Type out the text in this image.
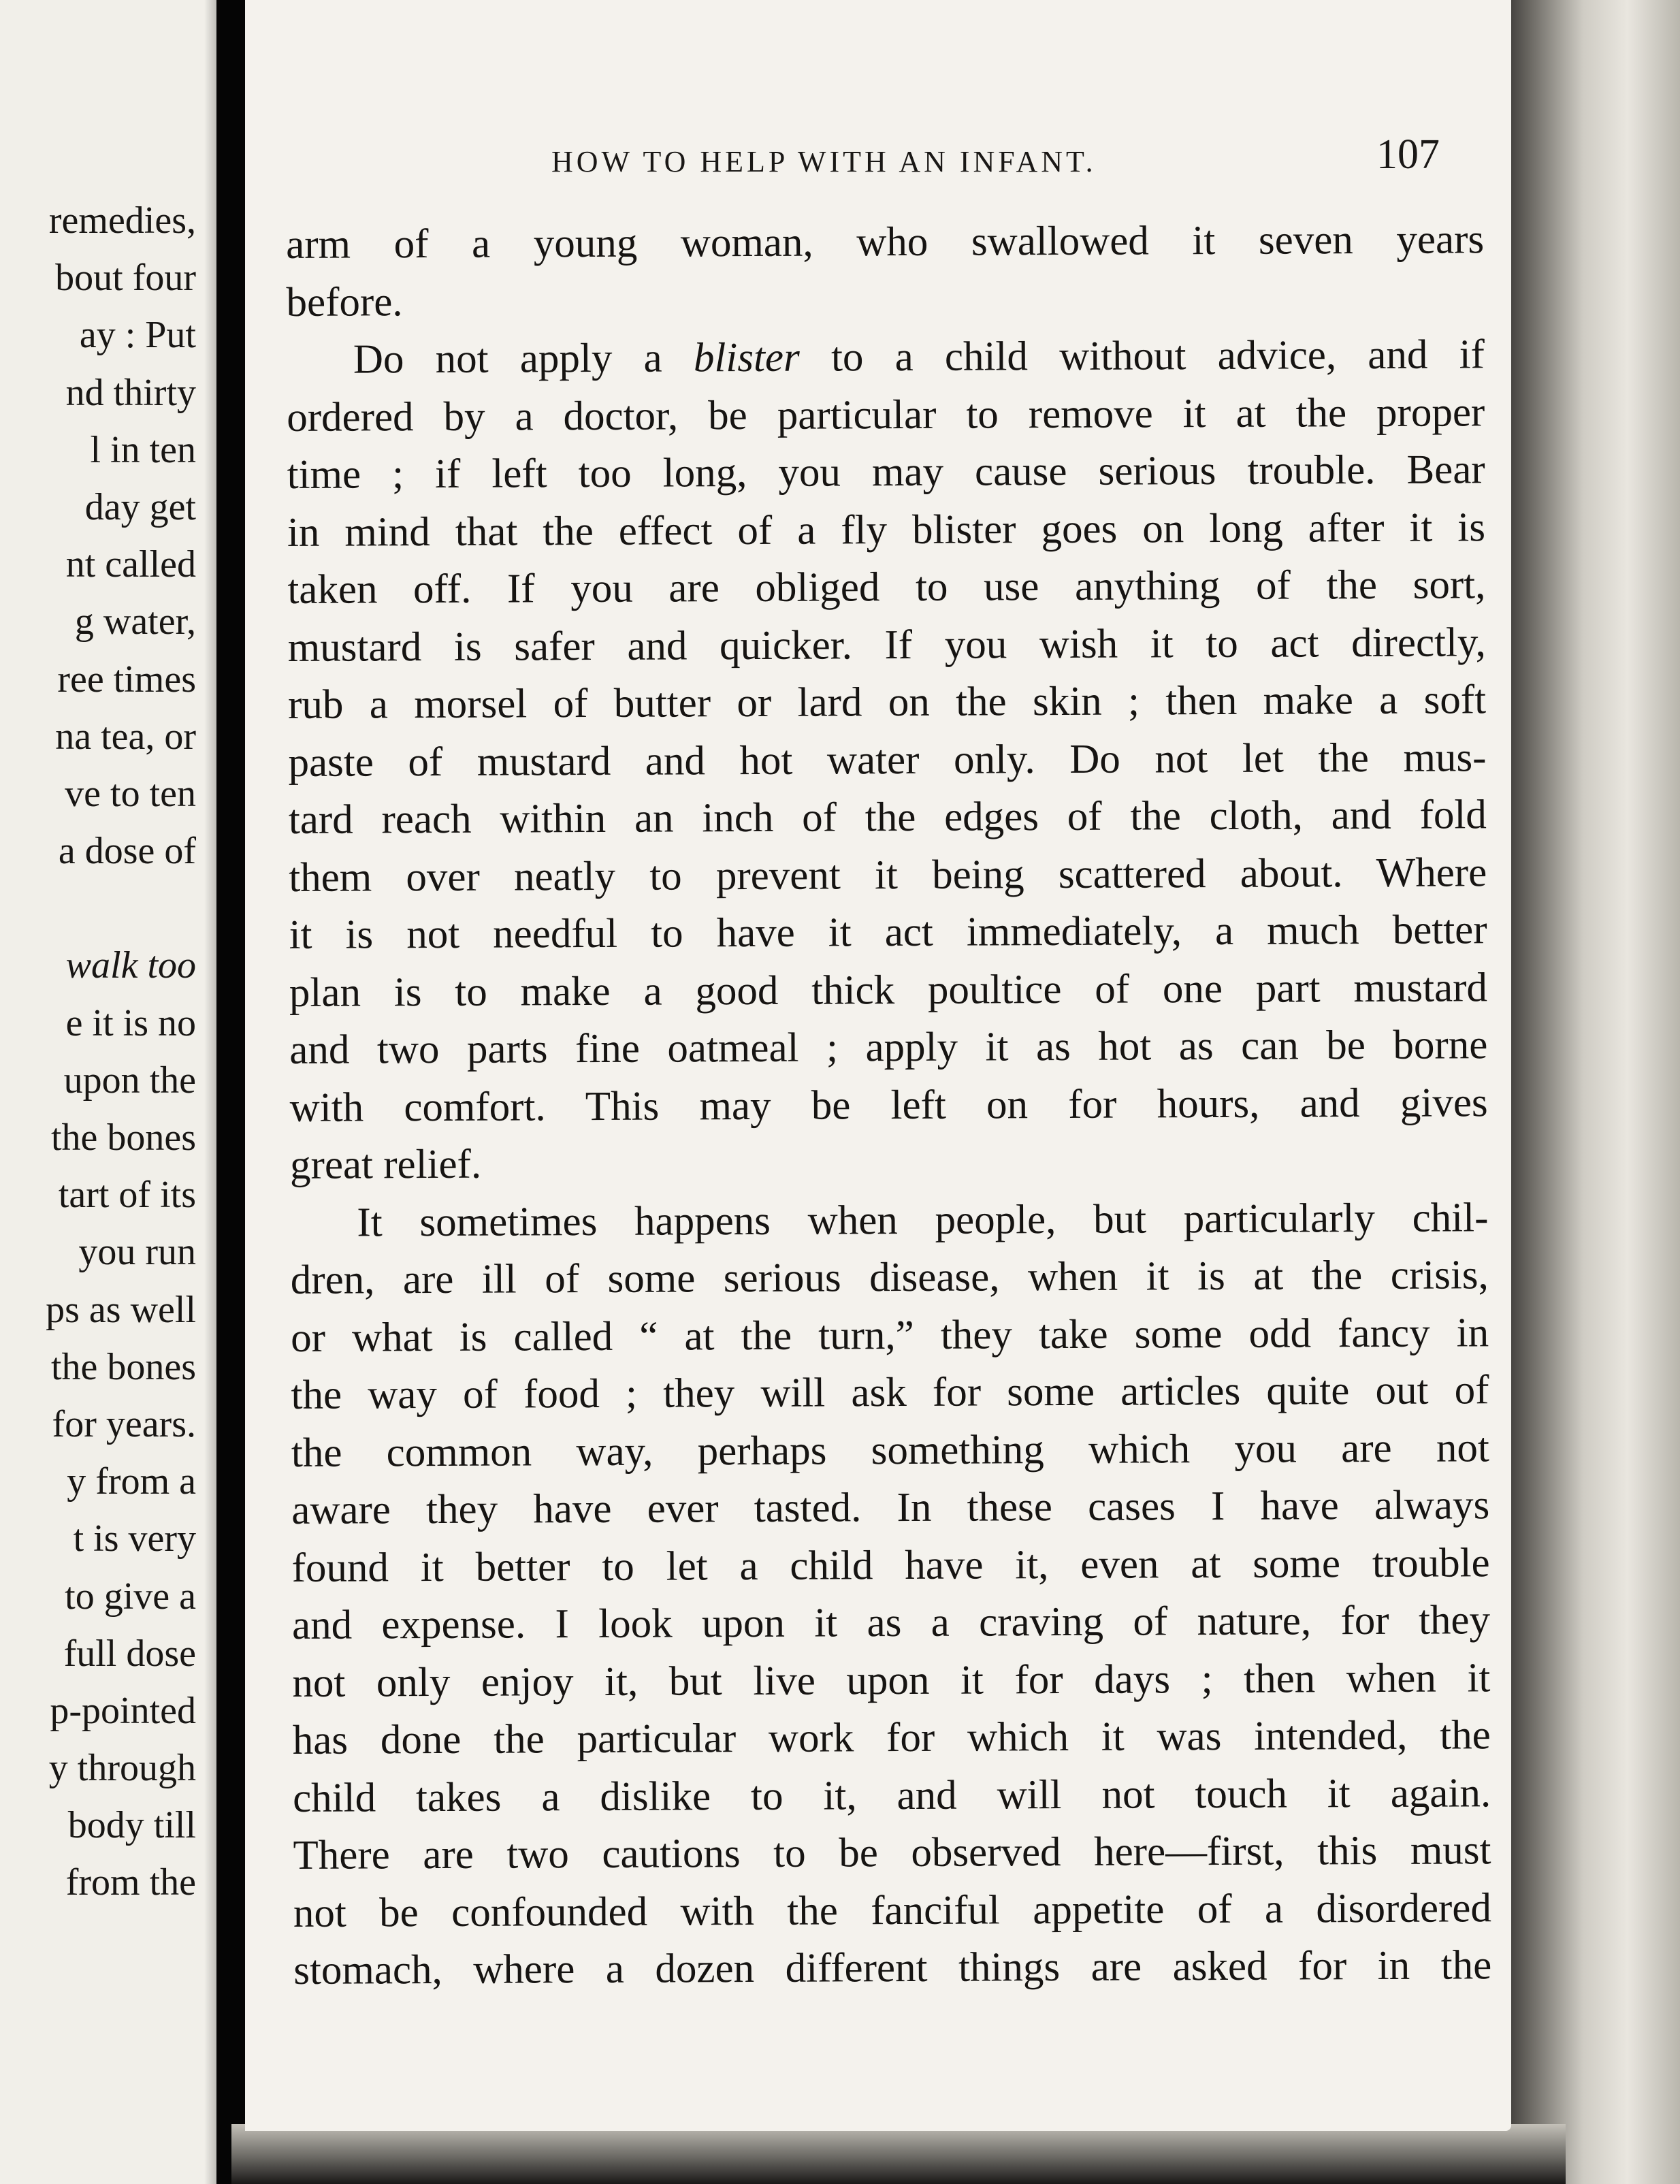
remedies,
bout four
ay : Put
nd thirty
l in ten
day get
nt called
g water,
ree times
na tea, or
ve to ten
a dose of
walk too
e it is no
upon the
the bones
tart of its
you run
ps as well
the bones
for years.
y from a
t is very
to give a
full dose
p-pointed
y through
body till
from the
HOW TO HELP WITH AN INFANT.	107
arm of a young woman, who swallowed it seven years
before.
Do not apply a blister to a child without advice, and if
ordered by a doctor, be particular to remove it at the proper
time ; if left too long, you may cause serious trouble. Bear
in mind that the effect of a fly blister goes on long after it is
taken off. If you are obliged to use anything of the sort,
mustard is safer and quicker. If you wish it to act directly,
rub a morsel of butter or lard on the skin ; then make a soft
paste of mustard and hot water only. Do not let the mus-
tard reach within an inch of the edges of the cloth, and fold
them over neatly to prevent it being scattered about. Where
it is not needful to have it act immediately, a much better
plan is to make a good thick poultice of one part mustard
and two parts fine oatmeal ; apply it as hot as can be borne
with comfort. This may be left on for hours, and gives
great relief.
It sometimes happens when people, but particularly chil-
dren, are ill of some serious disease, when it is at the crisis,
or what is called “ at the turn,” they take some odd fancy in
the way of food ; they will ask for some articles quite out of
the common way, perhaps something which you are not
aware they have ever tasted. In these cases I have always
found it better to let a child have it, even at some trouble
and expense. I look upon it as a craving of nature, for they
not only enjoy it, but live upon it for days ; then when it
has done the particular work for which it was intended, the
child takes a dislike to it, and will not touch it again.
There are two cautions to be observed here—first, this must
not be confounded with the fanciful appetite of a disordered
stomach, where a dozen different things are asked for in the
